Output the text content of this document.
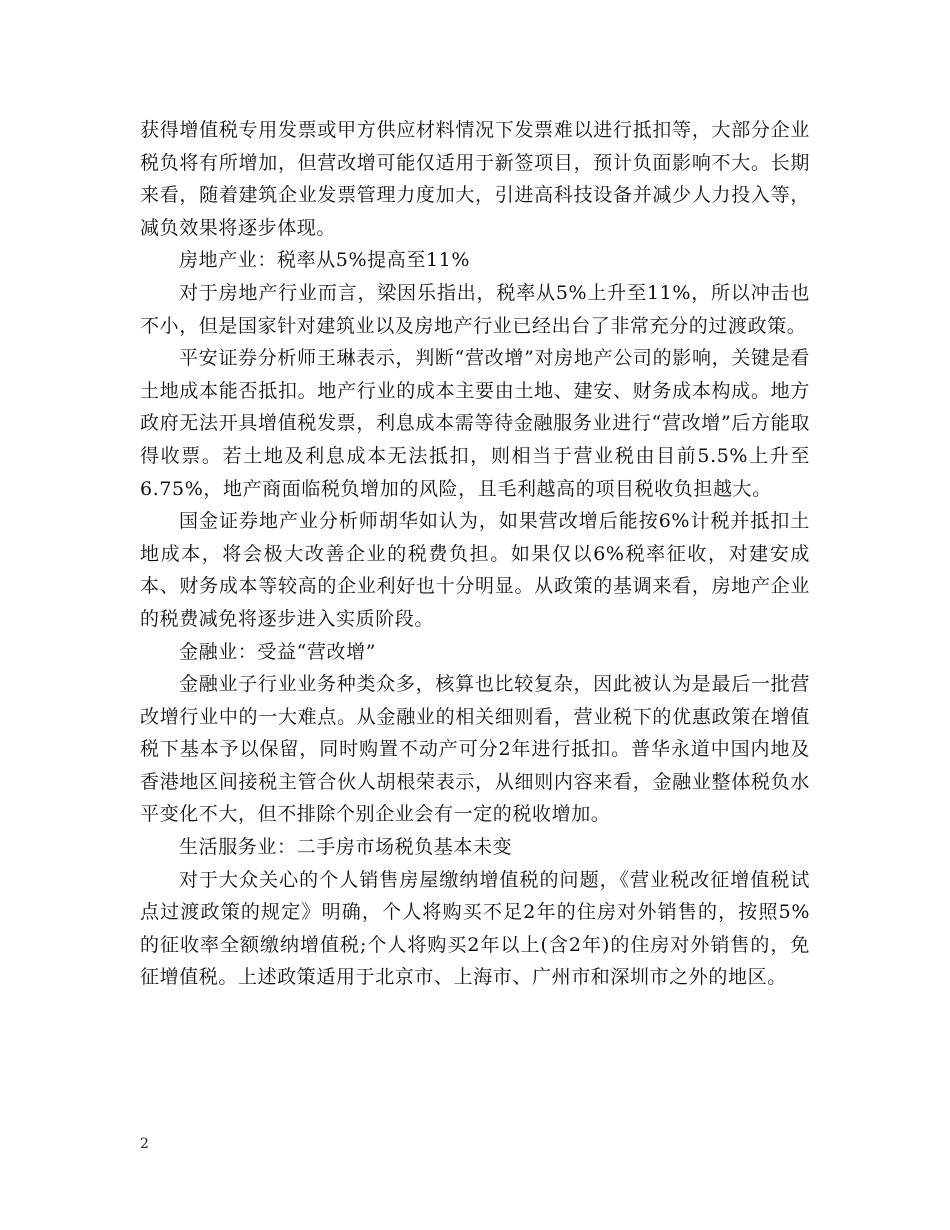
获得增值税专用发票或甲方供应材料情况下发票难以进行抵扣等，大部分企业税负将有所增加，但营改增可能仅适用于新签项目，预计负面影响不大。长期来看，随着建筑企业发票管理力度加大，引进高科技设备并减少人力投入等，减负效果将逐步体现。

房地产业：税率从5%提高至11%

对于房地产行业而言，梁因乐指出，税率从5%上升至11%，所以冲击也不小，但是国家针对建筑业以及房地产行业已经出台了非常充分的过渡政策。

平安证券分析师王琳表示，判断“营改增”对房地产公司的影响，关键是看土地成本能否抵扣。地产行业的成本主要由土地、建安、财务成本构成。地方政府无法开具增值税发票，利息成本需等待金融服务业进行“营改增”后方能取得收票。若土地及利息成本无法抵扣，则相当于营业税由目前5.5%上升至6.75%，地产商面临税负增加的风险，且毛利越高的项目税收负担越大。

国金证券地产业分析师胡华如认为，如果营改增后能按6%计税并抵扣土地成本，将会极大改善企业的税费负担。如果仅以6%税率征收，对建安成本、财务成本等较高的企业利好也十分明显。从政策的基调来看，房地产企业的税费减免将逐步进入实质阶段。

金融业：受益“营改增”

金融业子行业业务种类众多，核算也比较复杂，因此被认为是最后一批营改增行业中的一大难点。从金融业的相关细则看，营业税下的优惠政策在增值税下基本予以保留，同时购置不动产可分2年进行抵扣。普华永道中国内地及香港地区间接税主管合伙人胡根荣表示，从细则内容来看，金融业整体税负水平变化不大，但不排除个别企业会有一定的税收增加。

生活服务业：二手房市场税负基本未变

对于大众关心的个人销售房屋缴纳增值税的问题，《营业税改征增值税试点过渡政策的规定》明确，个人将购买不足2年的住房对外销售的，按照5%的征收率全额缴纳增值税;个人将购买2年以上(含2年)的住房对外销售的，免征增值税。上述政策适用于北京市、上海市、广州市和深圳市之外的地区。

2
